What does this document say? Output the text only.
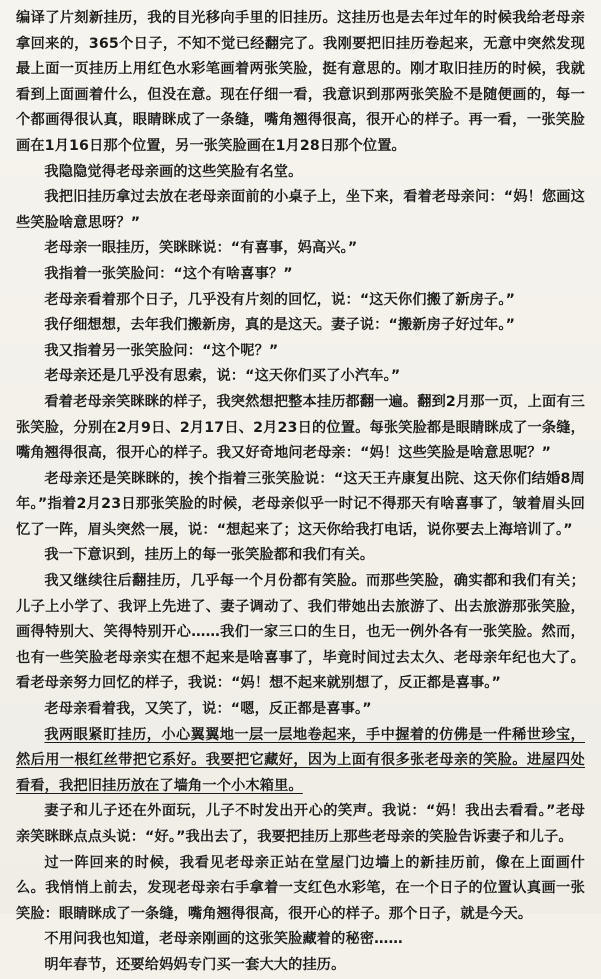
编译了片刻新挂历，我的目光移向手里的旧挂历。这挂历也是去年过年的时候我给老母亲拿回来的，365个日子，不知不觉已经翻完了。我刚要把旧挂历卷起来，无意中突然发现最上面一页挂历上用红色水彩笔画着两张笑脸，挺有意思的。刚才取旧挂历的时候，我就看到上面画着什么，但没在意。现在仔细一看，我意识到那两张笑脸不是随便画的，每一个都画得很认真，眼睛眯成了一条缝，嘴角翘得很高，很开心的样子。再一看，一张笑脸画在1月16日那个位置，另一张笑脸画在1月28日那个位置。

我隐隐觉得老母亲画的这些笑脸有名堂。

我把旧挂历拿过去放在老母亲面前的小桌子上，坐下来，看着老母亲问：“妈！您画这些笑脸啥意思呀？”

老母亲一眼挂历，笑眯眯说：“有喜事，妈高兴。”

我指着一张笑脸问：“这个有啥喜事？”

老母亲看着那个日子，几乎没有片刻的回忆，说：“这天你们搬了新房子。”

我仔细想想，去年我们搬新房，真的是这天。妻子说：“搬新房子好过年。”

我又指着另一张笑脸问：“这个呢？”

老母亲还是几乎没有思索，说：“这天你们买了小汽车。”

看着老母亲笑眯眯的样子，我突然想把整本挂历都翻一遍。翻到2月那一页，上面有三张笑脸，分别在2月9日、2月17日、2月23日的位置。每张笑脸都是眼睛眯成了一条缝，嘴角翘得很高，很开心的样子。我又好奇地问老母亲：“妈！这些笑脸是啥意思呢？”

老母亲还是笑眯眯的，挨个指着三张笑脸说：“这天王卉康复出院、这天你们结婚8周年。”指着2月23日那张笑脸的时候，老母亲似乎一时记不得那天有啥喜事了，皱着眉头回忆了一阵，眉头突然一展，说：“想起来了；这天你给我打电话，说你要去上海培训了。”

我一下意识到，挂历上的每一张笑脸都和我们有关。

我又继续往后翻挂历，几乎每一个月份都有笑脸。而那些笑脸，确实都和我们有关；儿子上小学了、我评上先进了、妻子调动了、我们带她出去旅游了、出去旅游那张笑脸，画得特别大、笑得特别开心……我们一家三口的生日，也无一例外各有一张笑脸。然而，也有一些笑脸老母亲实在想不起来是啥喜事了，毕竟时间过去太久、老母亲年纪也大了。看老母亲努力回忆的样子，我说：“妈！想不起来就别想了，反正都是喜事。”

老母亲看着我，又笑了，说：“嗯，反正都是喜事。”

我两眼紧盯挂历，小心翼翼地一层一层地卷起来，手中握着的仿佛是一件稀世珍宝，然后用一根红丝带把它系好。我要把它藏好，因为上面有很多张老母亲的笑脸。进屋四处看看，我把旧挂历放在了墙角一个小木箱里。

妻子和儿子还在外面玩，儿子不时发出开心的笑声。我说：“妈！我出去看看。”老母亲笑眯眯点点头说：“好。”我出去了，我要把挂历上那些老母亲的笑脸告诉妻子和儿子。

过一阵回来的时候，我看见老母亲正站在堂屋门边墙上的新挂历前，像在上面画什么。我悄悄上前去，发现老母亲右手拿着一支红色水彩笔，在一个日子的位置认真画一张笑脸：眼睛眯成了一条缝，嘴角翘得很高，很开心的样子。那个日子，就是今天。

不用问我也知道，老母亲刚画的这张笑脸藏着的秘密……

明年春节，还要给妈妈专门买一套大大的挂历。
